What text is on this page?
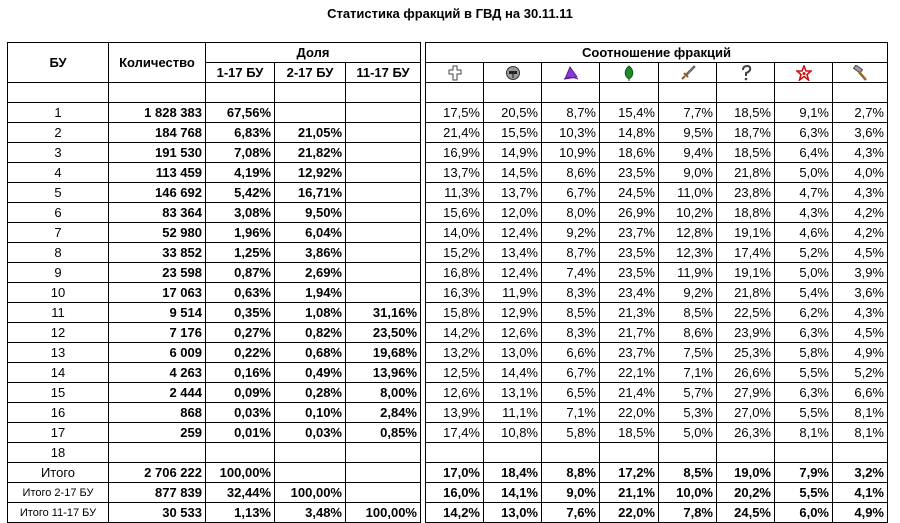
Статистика фракций в ГВД на 30.11.11
БУ	Количество	Доля				Соотношение фракций							
		1-17 БУ	2-17 БУ	11-17 БУ								

1	1 828 383	67,56%				17,5%	20,5%	8,7%	15,4%	7,7%	18,5%	9,1%	2,7%
2	184 768	6,83%	21,05%			21,4%	15,5%	10,3%	14,8%	9,5%	18,7%	6,3%	3,6%
3	191 530	7,08%	21,82%			16,9%	14,9%	10,9%	18,6%	9,4%	18,5%	6,4%	4,3%
4	113 459	4,19%	12,92%			13,7%	14,5%	8,6%	23,5%	9,0%	21,8%	5,0%	4,0%
5	146 692	5,42%	16,71%			11,3%	13,7%	6,7%	24,5%	11,0%	23,8%	4,7%	4,3%
6	83 364	3,08%	9,50%			15,6%	12,0%	8,0%	26,9%	10,2%	18,8%	4,3%	4,2%
7	52 980	1,96%	6,04%			14,0%	12,4%	9,2%	23,7%	12,8%	19,1%	4,6%	4,2%
8	33 852	1,25%	3,86%			15,2%	13,4%	8,7%	23,5%	12,3%	17,4%	5,2%	4,5%
9	23 598	0,87%	2,69%			16,8%	12,4%	7,4%	23,5%	11,9%	19,1%	5,0%	3,9%
10	17 063	0,63%	1,94%			16,3%	11,9%	8,3%	23,4%	9,2%	21,8%	5,4%	3,6%
11	9 514	0,35%	1,08%	31,16%		15,8%	12,9%	8,5%	21,3%	8,5%	22,5%	6,2%	4,3%
12	7 176	0,27%	0,82%	23,50%		14,2%	12,6%	8,3%	21,7%	8,6%	23,9%	6,3%	4,5%
13	6 009	0,22%	0,68%	19,68%		13,2%	13,0%	6,6%	23,7%	7,5%	25,3%	5,8%	4,9%
14	4 263	0,16%	0,49%	13,96%		12,5%	14,4%	6,7%	22,1%	7,1%	26,6%	5,5%	5,2%
15	2 444	0,09%	0,28%	8,00%		12,6%	13,1%	6,5%	21,4%	5,7%	27,9%	6,3%	6,6%
16	868	0,03%	0,10%	2,84%		13,9%	11,1%	7,1%	22,0%	5,3%	27,0%	5,5%	8,1%
17	259	0,01%	0,03%	0,85%		17,4%	10,8%	5,8%	18,5%	5,0%	26,3%	8,1%	8,1%
18													
Итого	2 706 222	100,00%				17,0%	18,4%	8,8%	17,2%	8,5%	19,0%	7,9%	3,2%
Итого 2-17 БУ	877 839	32,44%	100,00%			16,0%	14,1%	9,0%	21,1%	10,0%	20,2%	5,5%	4,1%
Итого 11-17 БУ	30 533	1,13%	3,48%	100,00%		14,2%	13,0%	7,6%	22,0%	7,8%	24,5%	6,0%	4,9%
